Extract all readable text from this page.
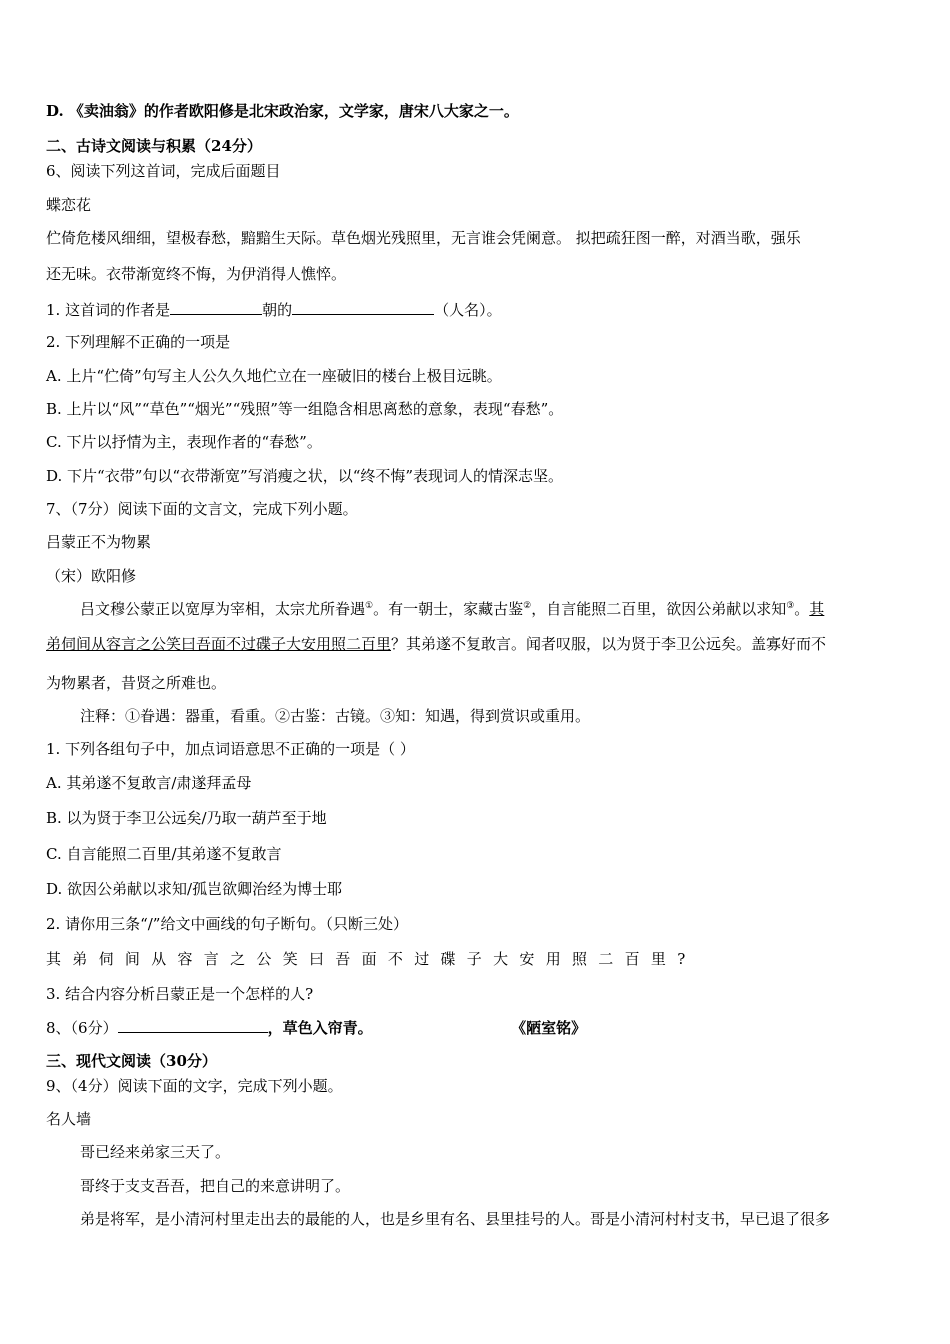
D. 《卖油翁》的作者欧阳修是北宋政治家，文学家，唐宋八大家之一。
二、古诗文阅读与积累（24分）
6、阅读下列这首词，完成后面题目
蝶恋花
伫倚危楼风细细，望极春愁，黯黯生天际。草色烟光残照里，无言谁会凭阑意。 拟把疏狂图一醉，对酒当歌，强乐
还无味。衣带渐宽终不悔，为伊消得人憔悴。
1. 这首词的作者是	朝的	（人名）。
2. 下列理解不正确的一项是
A. 上片“伫倚”句写主人公久久地伫立在一座破旧的楼台上极目远眺。
B. 上片以“风”“草色”“烟光”“残照”等一组隐含相思离愁的意象，表现“春愁”。
C. 下片以抒情为主，表现作者的“春愁”。
D. 下片“衣带”句以“衣带渐宽”写消瘦之状，以“终不悔”表现词人的情深志坚。
7、（7分）阅读下面的文言文，完成下列小题。
吕蒙正不为物累
（宋）欧阳修
吕文穆公蒙正以宽厚为宰相，太宗尤所眷遇①。有一朝士，家藏古鉴②，自言能照二百里，欲因公弟献以求知③。其
弟伺间从容言之公笑曰吾面不过碟子大安用照二百里？其弟遂不复敢言。闻者叹服，以为贤于李卫公远矣。盖寡好而不
为物累者，昔贤之所难也。
注释：①眷遇：器重，看重。②古鉴：古镜。③知：知遇，得到赏识或重用。
1. 下列各组句子中，加点词语意思不正确的一项是（ ）
A. 其弟遂不复敢言/肃遂拜孟母
B. 以为贤于李卫公远矣/乃取一葫芦至于地
C. 自言能照二百里/其弟遂不复敢言
D. 欲因公弟献以求知/孤岂欲卿治经为博士耶
2. 请你用三条“/”给文中画线的句子断句。（只断三处）
其弟伺间从容言之公笑曰吾面不过碟子大安用照二百里?
3. 结合内容分析吕蒙正是一个怎样的人?
8、（6分）	，草色入帘青。	《陋室铭》
三、现代文阅读（30分）
9、（4分）阅读下面的文字，完成下列小题。
名人墙
哥已经来弟家三天了。
哥终于支支吾吾，把自己的来意讲明了。
弟是将军，是小清河村里走出去的最能的人，也是乡里有名、县里挂号的人。哥是小清河村村支书，早已退了很多
